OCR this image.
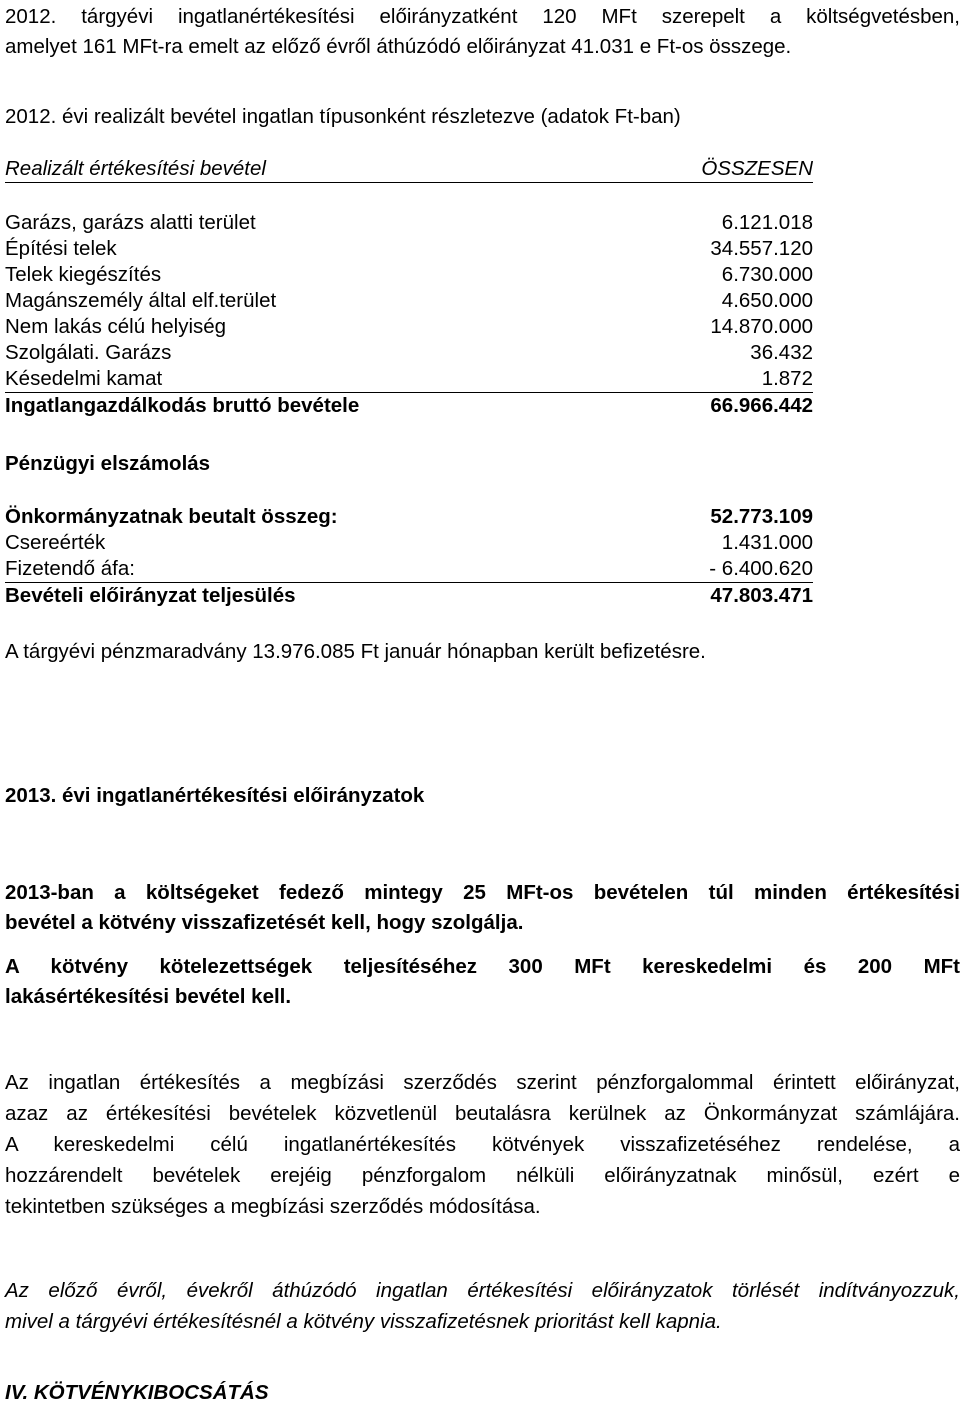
2012. tárgyévi ingatlanértékesítési előirányzatként 120 MFt szerepelt a költségvetésben,

amelyet 161 MFt-ra emelt az előző évről áthúzódó előirányzat 41.031 e Ft-os összege.

2012. évi realizált bevétel ingatlan típusonként részletezve (adatok Ft-ban)

Realizált értékesítési bevétel	ÖSSZESEN
Garázs, garázs alatti terület	6.121.018
Építési telek	34.557.120
Telek kiegészítés	6.730.000
Magánszemély által elf.terület	4.650.000
Nem lakás célú helyiség	14.870.000
Szolgálati. Garázs	36.432
Késedelmi kamat	1.872
Ingatlangazdálkodás bruttó bevétele	66.966.442

Pénzügyi elszámolás

Önkormányzatnak beutalt összeg:	52.773.109
Csereérték	1.431.000
Fizetendő áfa:	- 6.400.620
Bevételi előirányzat teljesülés	47.803.471

A tárgyévi pénzmaradvány 13.976.085 Ft január hónapban került befizetésre.

2013. évi ingatlanértékesítési előirányzatok

2013-ban a költségeket fedező mintegy 25 MFt-os bevételen túl minden értékesítési

bevétel a kötvény visszafizetését kell, hogy szolgálja.

A kötvény kötelezettségek teljesítéséhez 300 MFt kereskedelmi és 200 MFt

lakásértékesítési bevétel kell.

Az ingatlan értékesítés a megbízási szerződés szerint pénzforgalommal érintett előirányzat,

azaz az értékesítési bevételek közvetlenül beutalásra kerülnek az Önkormányzat számlájára.

A kereskedelmi célú ingatlanértékesítés kötvények visszafizetéséhez rendelése, a

hozzárendelt bevételek erejéig pénzforgalom nélküli előirányzatnak minősül, ezért e

tekintetben szükséges a megbízási szerződés módosítása.

Az előző évről, évekről áthúzódó ingatlan értékesítési előirányzatok törlését indítványozzuk,

mivel a tárgyévi értékesítésnél a kötvény visszafizetésnek prioritást kell kapnia.

IV. KÖTVÉNYKIBOCSÁTÁS
